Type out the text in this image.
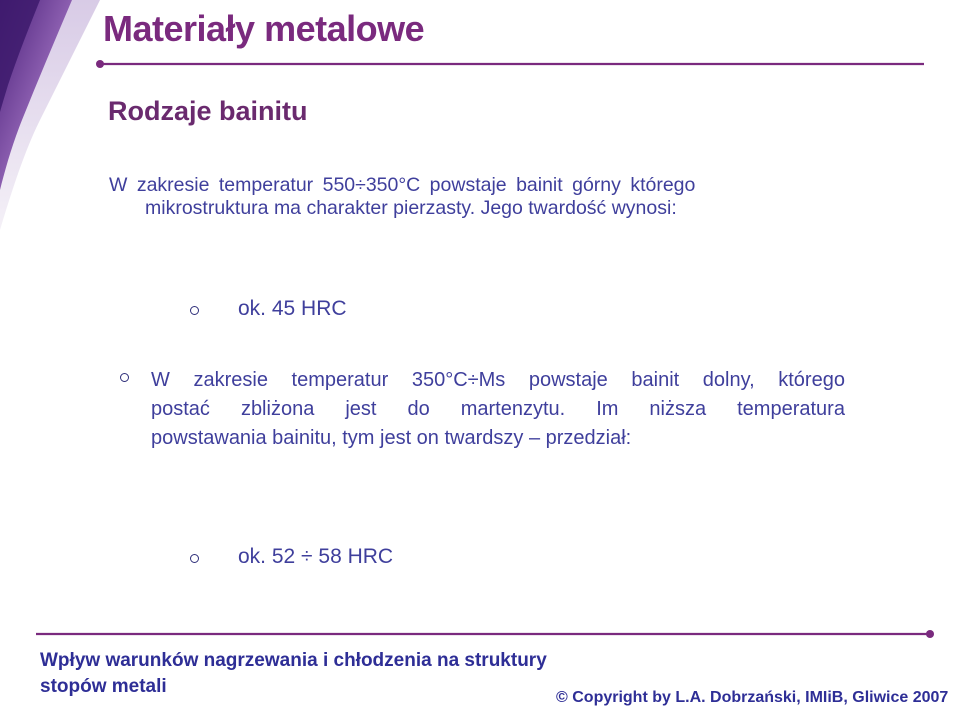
Materiały metalowe
Rodzaje bainitu
W zakresie temperatur 550÷350°C powstaje bainit górny którego
mikrostruktura ma charakter pierzasty. Jego twardość wynosi:
ok. 45 HRC
W zakresie temperatur 350°C÷Ms powstaje bainit dolny, którego
postać zbliżona jest do martenzytu. Im niższa temperatura
powstawania bainitu, tym jest on twardszy – przedział:
ok. 52 ÷ 58 HRC
Wpływ warunków nagrzewania i chłodzenia na struktury
stopów metali
© Copyright by L.A. Dobrzański, IMIiB, Gliwice 2007
